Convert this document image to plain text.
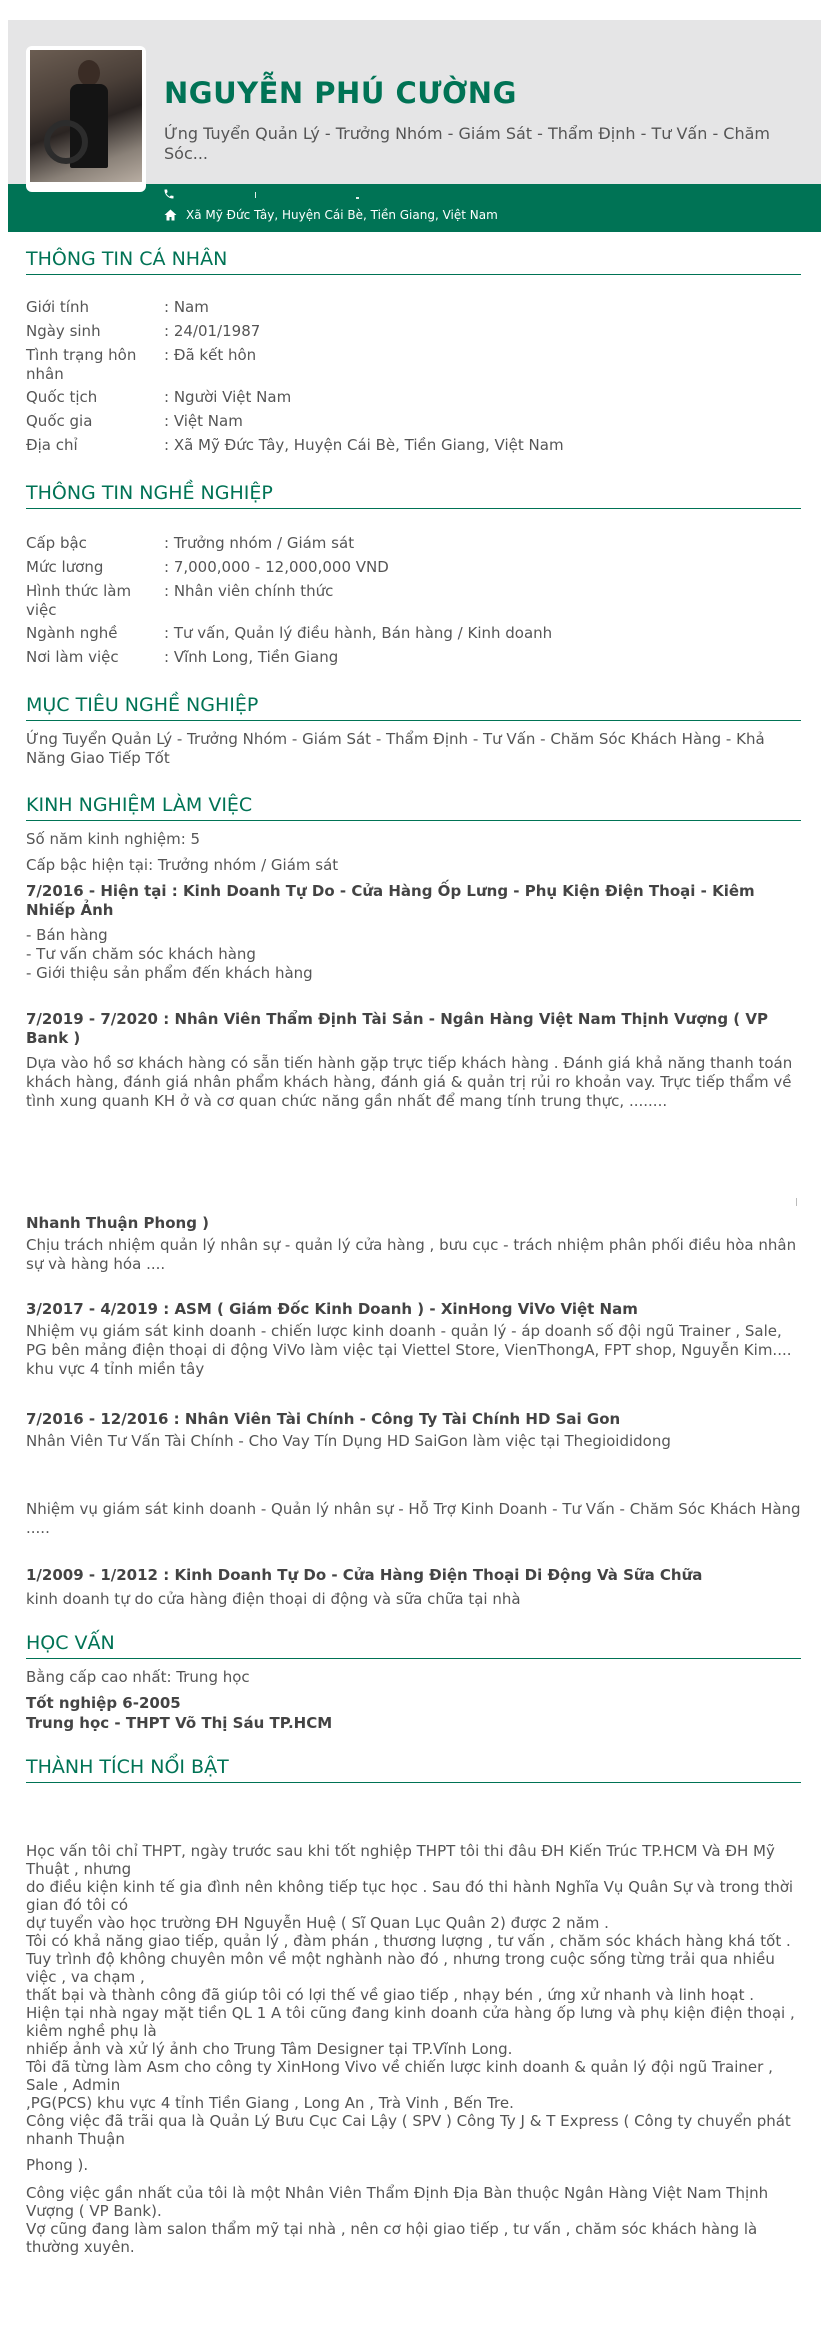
NGUYỄN PHÚ CƯỜNG
Ứng Tuyển Quản Lý - Trưởng Nhóm - Giám Sát - Thẩm Định - Tư Vấn - Chăm Sóc...
Xã Mỹ Đức Tây, Huyện Cái Bè, Tiền Giang, Việt Nam
THÔNG TIN CÁ NHÂN
Giới tính	: Nam
Ngày sinh	: 24/01/1987
Tình trạng hôn nhân: Đã kết hôn
Quốc tịch	: Người Việt Nam
Quốc gia	: Việt Nam
Địa chỉ	: Xã Mỹ Đức Tây, Huyện Cái Bè, Tiền Giang, Việt Nam
THÔNG TIN NGHỀ NGHIỆP
Cấp bậc	: Trưởng nhóm / Giám sát
Mức lương	: 7,000,000 - 12,000,000 VND
Hình thức làm việc: Nhân viên chính thức
Ngành nghề	: Tư vấn, Quản lý điều hành, Bán hàng / Kinh doanh
Nơi làm việc	: Vĩnh Long, Tiền Giang
MỤC TIÊU NGHỀ NGHIỆP
Ứng Tuyển Quản Lý - Trưởng Nhóm - Giám Sát - Thẩm Định - Tư Vấn - Chăm Sóc Khách Hàng - Khả Năng Giao Tiếp Tốt
KINH NGHIỆM LÀM VIỆC
Số năm kinh nghiệm: 5
Cấp bậc hiện tại: Trưởng nhóm / Giám sát
7/2016 - Hiện tại : Kinh Doanh Tự Do - Cửa Hàng Ốp Lưng - Phụ Kiện Điện Thoại - Kiêm Nhiếp Ảnh
- Bán hàng
- Tư vấn chăm sóc khách hàng
- Giới thiệu sản phẩm đến khách hàng
7/2019 - 7/2020 : Nhân Viên Thẩm Định Tài Sản - Ngân Hàng Việt Nam Thịnh Vượng ( VP Bank )
Dựa vào hồ sơ khách hàng có sẵn tiến hành gặp trực tiếp khách hàng . Đánh giá khả năng thanh toán khách hàng, đánh giá nhân phẩm khách hàng, đánh giá & quản trị rủi ro khoản vay. Trực tiếp thẩm về tình xung quanh KH ở và cơ quan chức năng gần nhất để mang tính trung thực, ........
Nhanh Thuận Phong )
Chịu trách nhiệm quản lý nhân sự - quản lý cửa hàng , bưu cục - trách nhiệm phân phối điều hòa nhân sự và hàng hóa ....
3/2017 - 4/2019 : ASM ( Giám Đốc Kinh Doanh ) - XinHong ViVo Việt Nam
Nhiệm vụ giám sát kinh doanh - chiến lược kinh doanh - quản lý - áp doanh số đội ngũ Trainer , Sale, PG bên mảng điện thoại di động ViVo làm việc tại Viettel Store, VienThongA, FPT shop, Nguyễn Kim.... khu vực 4 tỉnh miền tây
7/2016 - 12/2016 : Nhân Viên Tài Chính - Công Ty Tài Chính HD Sai Gon
Nhân Viên Tư Vấn Tài Chính - Cho Vay Tín Dụng HD SaiGon làm việc tại Thegioididong
Nhiệm vụ giám sát kinh doanh - Quản lý nhân sự - Hỗ Trợ Kinh Doanh - Tư Vấn - Chăm Sóc Khách Hàng .....
1/2009 - 1/2012 : Kinh Doanh Tự Do - Cửa Hàng Điện Thoại Di Động Và Sữa Chữa
kinh doanh tự do cửa hàng điện thoại di động và sữa chữa tại nhà
HỌC VẤN
Bằng cấp cao nhất: Trung học
Tốt nghiệp 6-2005
Trung học - THPT Võ Thị Sáu TP.HCM
THÀNH TÍCH NỔI BẬT
Học vấn tôi chỉ THPT, ngày trước sau khi tốt nghiệp THPT tôi thi đâu ĐH Kiến Trúc TP.HCM Và ĐH Mỹ Thuật , nhưng
do điều kiện kinh tế gia đình nên không tiếp tục học . Sau đó thi hành Nghĩa Vụ Quân Sự và trong thời gian đó tôi có
dự tuyển vào học trường ĐH Nguyễn Huệ ( Sĩ Quan Lục Quân 2) được 2 năm .
Tôi có khả năng giao tiếp, quản lý , đàm phán , thương lượng , tư vấn , chăm sóc khách hàng khá tốt .
Tuy trình độ không chuyên môn về một nghành nào đó , nhưng trong cuộc sống từng trải qua nhiều việc , va chạm ,
thất bại và thành công đã giúp tôi có lợi thế về giao tiếp , nhạy bén , ứng xử nhanh và linh hoạt .
Hiện tại nhà ngay mặt tiền QL 1 A tôi cũng đang kinh doanh cửa hàng ốp lưng và phụ kiện điện thoại , kiêm nghề phụ là
nhiếp ảnh và xử lý ảnh cho Trung Tâm Designer tại TP.Vĩnh Long.
Tôi đã từng làm Asm cho công ty XinHong Vivo về chiến lược kinh doanh & quản lý đội ngũ Trainer , Sale , Admin
,PG(PCS) khu vực 4 tỉnh Tiền Giang , Long An , Trà Vinh , Bến Tre.
Công việc đã trãi qua là Quản Lý Bưu Cục Cai Lậy ( SPV ) Công Ty J & T Express ( Công ty chuyển phát nhanh Thuận
Phong ).
Công việc gần nhất của tôi là một Nhân Viên Thẩm Định Địa Bàn thuộc Ngân Hàng Việt Nam Thịnh Vượng ( VP Bank).
Vợ cũng đang làm salon thẩm mỹ tại nhà , nên cơ hội giao tiếp , tư vấn , chăm sóc khách hàng là thường xuyên.
